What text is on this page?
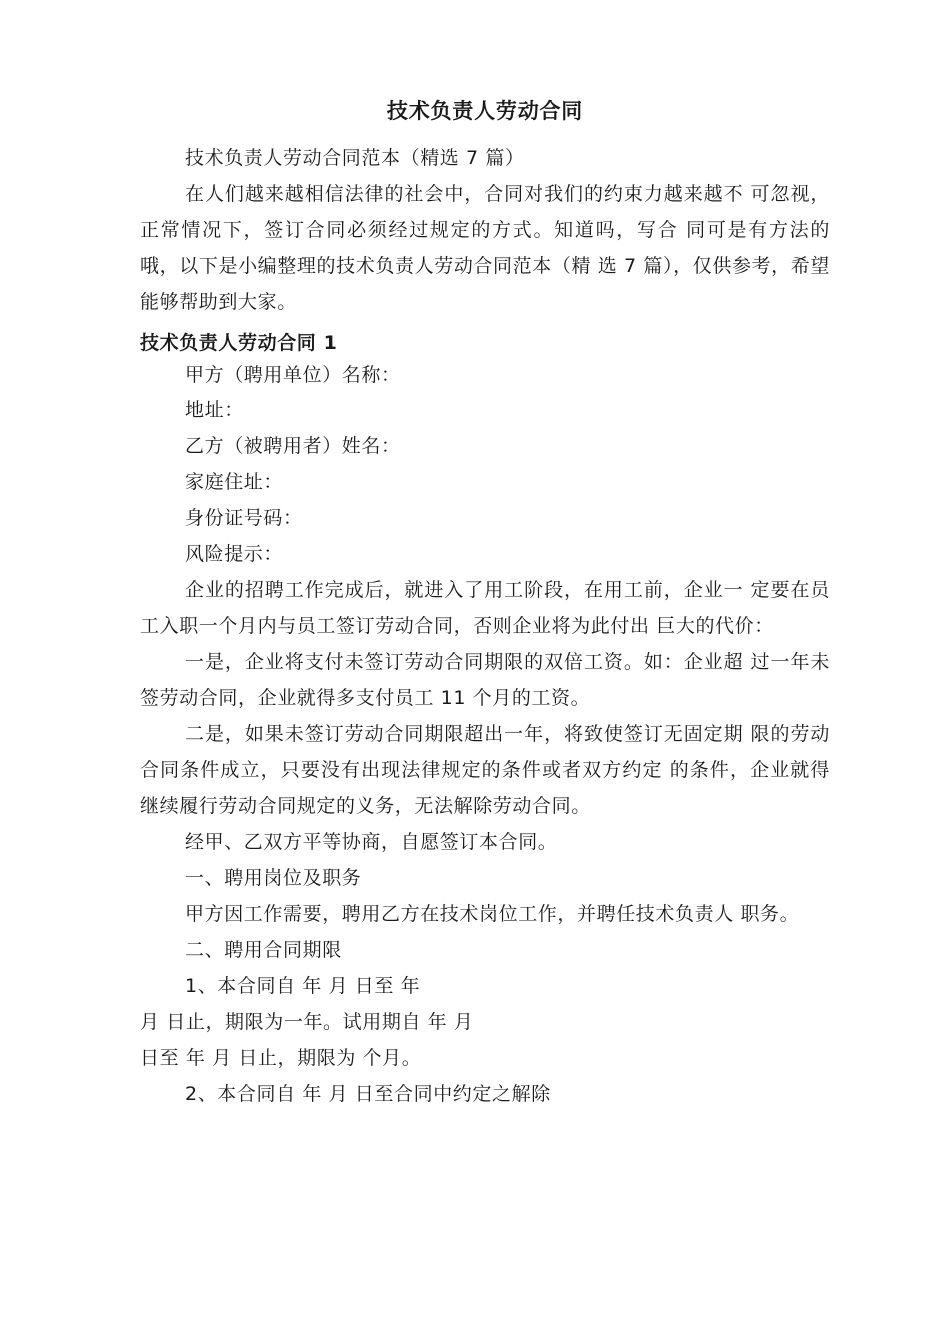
技术负责人劳动合同

技术负责人劳动合同范本（精选 7 篇）

在人们越来越相信法律的社会中，合同对我们的约束力越来越不 可忽视，正常情况下，签订合同必须经过规定的方式。知道吗，写合 同可是有方法的哦，以下是小编整理的技术负责人劳动合同范本（精 选 7 篇），仅供参考，希望能够帮助到大家。

技术负责人劳动合同 1

甲方（聘用单位）名称：

地址：

乙方（被聘用者）姓名：

家庭住址：

身份证号码：

风险提示：

企业的招聘工作完成后，就进入了用工阶段，在用工前，企业一 定要在员工入职一个月内与员工签订劳动合同，否则企业将为此付出 巨大的代价：

一是，企业将支付未签订劳动合同期限的双倍工资。如：企业超 过一年未签劳动合同，企业就得多支付员工 11 个月的工资。

二是，如果未签订劳动合同期限超出一年，将致使签订无固定期 限的劳动合同条件成立，只要没有出现法律规定的条件或者双方约定 的条件，企业就得继续履行劳动合同规定的义务，无法解除劳动合同。

经甲、乙双方平等协商，自愿签订本合同。

一、聘用岗位及职务

甲方因工作需要，聘用乙方在技术岗位工作，并聘任技术负责人 职务。

二、聘用合同期限

1、本合同自 年 月 日至 年

月 日止，期限为一年。试用期自 年 月

日至 年 月 日止，期限为 个月。

2、本合同自 年 月 日至合同中约定之解除
